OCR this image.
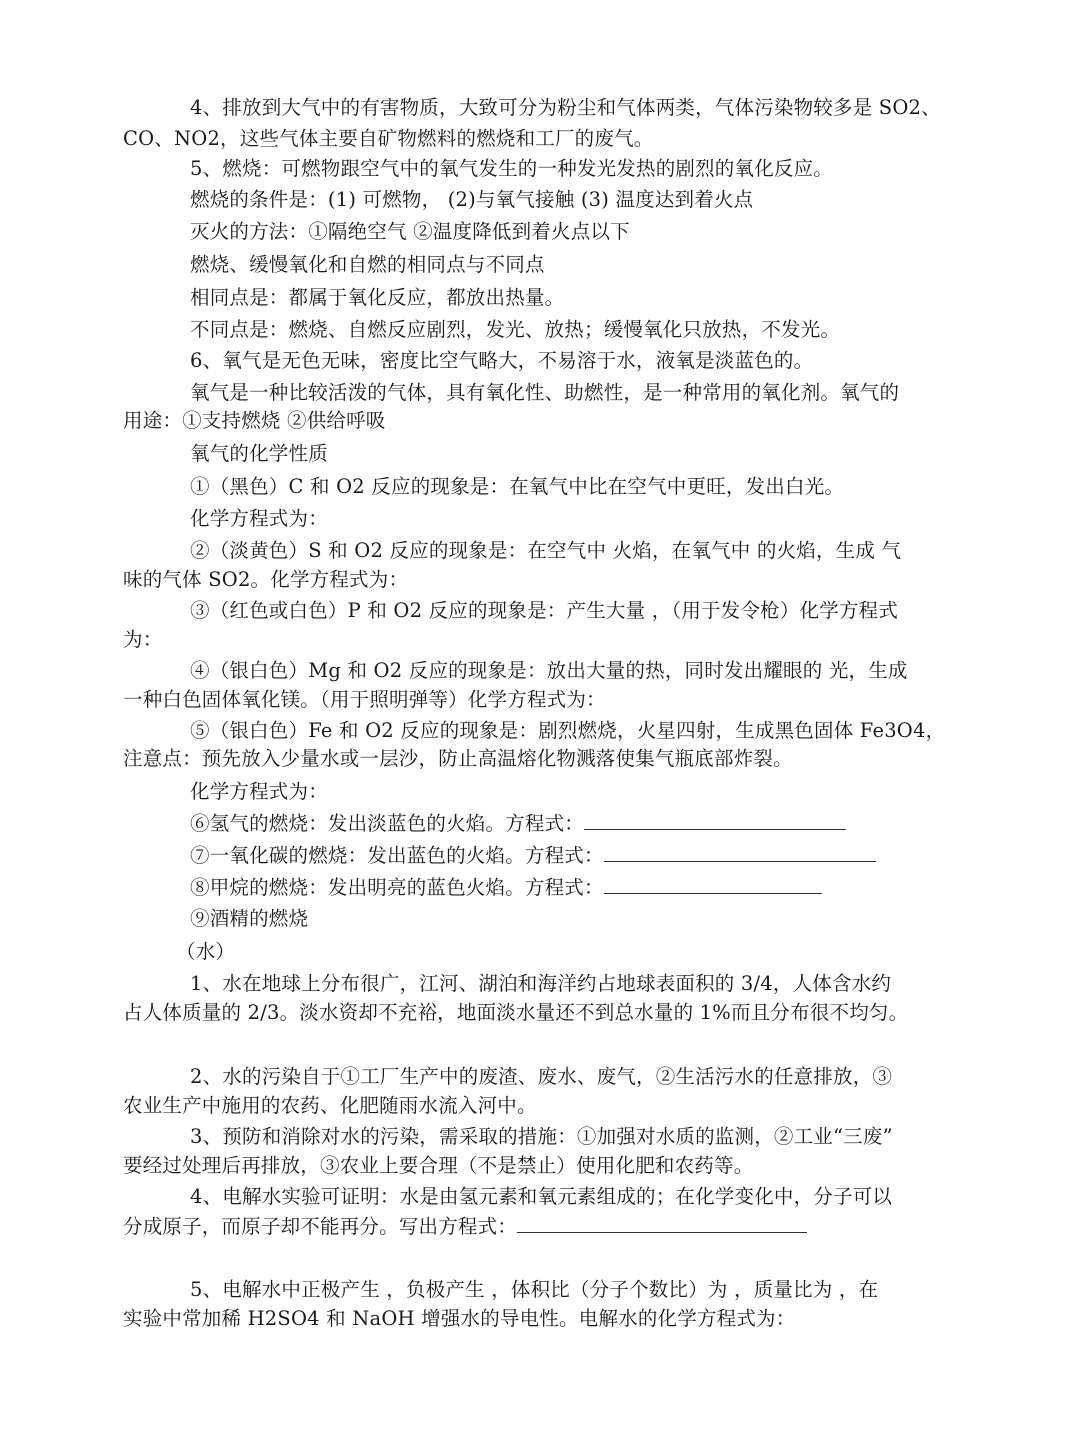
4、排放到大气中的有害物质，大致可分为粉尘和气体两类，气体污染物较多是 SO2、
CO、NO2，这些气体主要自矿物燃料的燃烧和工厂的废气。
5、燃烧：可燃物跟空气中的氧气发生的一种发光发热的剧烈的氧化反应。
燃烧的条件是：(1) 可燃物， (2)与氧气接触 (3) 温度达到着火点
灭火的方法：①隔绝空气 ②温度降低到着火点以下
燃烧、缓慢氧化和自燃的相同点与不同点
相同点是：都属于氧化反应，都放出热量。
不同点是：燃烧、自燃反应剧烈，发光、放热；缓慢氧化只放热，不发光。
6、氧气是无色无味，密度比空气略大，不易溶于水，液氧是淡蓝色的。
氧气是一种比较活泼的气体，具有氧化性、助燃性，是一种常用的氧化剂。氧气的
用途：①支持燃烧 ②供给呼吸
氧气的化学性质
①（黑色）C 和 O2 反应的现象是：在氧气中比在空气中更旺，发出白光。
化学方程式为：
②（淡黄色）S 和 O2 反应的现象是：在空气中 火焰，在氧气中 的火焰，生成 气
味的气体 SO2。化学方程式为：
③（红色或白色）P 和 O2 反应的现象是：产生大量 ，（用于发令枪）化学方程式
为：
④（银白色）Mg 和 O2 反应的现象是：放出大量的热，同时发出耀眼的 光，生成
一种白色固体氧化镁。（用于照明弹等）化学方程式为：
⑤（银白色）Fe 和 O2 反应的现象是：剧烈燃烧，火星四射，生成黑色固体 Fe3O4，
注意点：预先放入少量水或一层沙，防止高温熔化物溅落使集气瓶底部炸裂。
化学方程式为：
⑥氢气的燃烧：发出淡蓝色的火焰。方程式：
⑦一氧化碳的燃烧：发出蓝色的火焰。方程式：
⑧甲烷的燃烧：发出明亮的蓝色火焰。方程式：
⑨酒精的燃烧
（水）
1、水在地球上分布很广，江河、湖泊和海洋约占地球表面积的 3/4，人体含水约
占人体质量的 2/3。淡水资却不充裕，地面淡水量还不到总水量的 1%而且分布很不均匀。
2、水的污染自于①工厂生产中的废渣、废水、废气，②生活污水的任意排放，③
农业生产中施用的农药、化肥随雨水流入河中。
3、预防和消除对水的污染，需采取的措施：①加强对水质的监测，②工业“三废”
要经过处理后再排放，③农业上要合理（不是禁止）使用化肥和农药等。
4、电解水实验可证明：水是由氢元素和氧元素组成的；在化学变化中，分子可以
分成原子，而原子却不能再分。写出方程式：
5、电解水中正极产生 ，负极产生 ，体积比（分子个数比）为 ，质量比为 ，在
实验中常加稀 H2SO4 和 NaOH 增强水的导电性。电解水的化学方程式为：
